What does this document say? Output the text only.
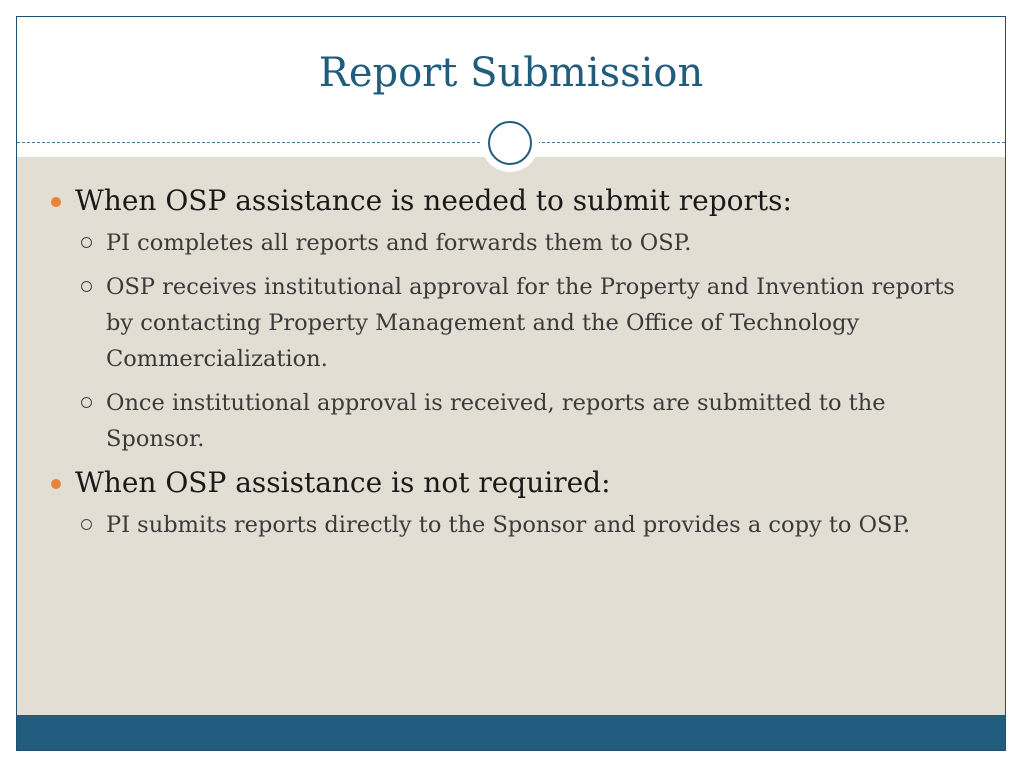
Report Submission
When OSP assistance is needed to submit reports:
PI completes all reports and forwards them to OSP.
OSP receives institutional approval for the Property and Invention reports by contacting Property Management and the Office of Technology Commercialization.
Once institutional approval is received, reports are submitted to the Sponsor.
When OSP assistance is not required:
PI submits reports directly to the Sponsor and provides a copy to OSP.
